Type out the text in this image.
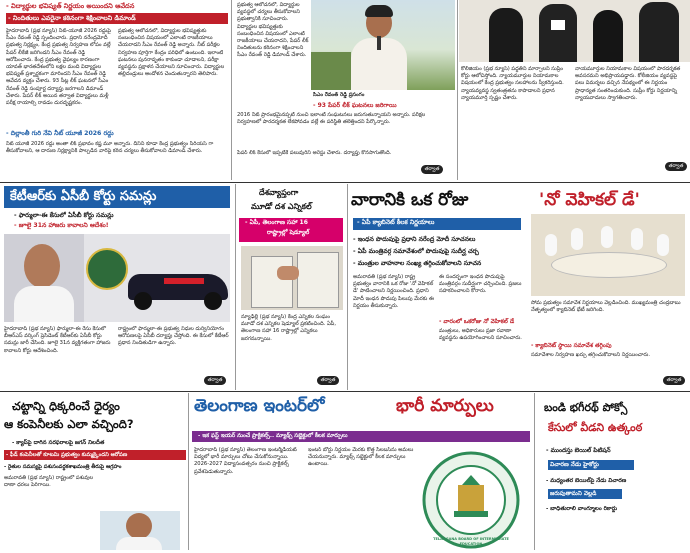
- విద్యార్థుల భవిష్యత్ నిర్ణయం అయిందని ఆవేదన
- నిందితులు ఎవరైనా కఠినంగా శిక్షించాలని డిమాండ్
హైదరాబాద్ (ప్రభ న్యూస్) నీట్-యూజీ 2026 రద్దుపై సీఎం రేవంత్ రెడ్డి స్పందించారు. ప్రధాని నరేంద్రమోదీ ప్రభుత్వ నిర్లక్ష్యం, కేంద్ర ప్రభుత్వ నిర్వహణ లోపం వల్లే పేపర్ లీకేజీ జరిగిందని సీఎం రేవంత్ రెడ్డి ఆరోపించారు. కేంద్ర ప్రభుత్వ వైఫల్యం కారణంగా యావత్ భారతదేశంలోని లక్షల మంది విద్యార్థుల భవిష్యత్ ప్రశ్నార్థకంగా మారిందని సీఎం రేవంత్ రెడ్డి ఆవేదన వ్యక్తం చేశారు. 93 సీట్ల లీక్ ఘటనలో సీఎం రేవంత్ రెడ్డి సంపూర్ణ దర్యాప్తు జరగాలని డిమాండ్ చేశారు. పేపర్ లీక్ అయిన తర్వాత విద్యార్థులు మళ్లీ పరీక్ష రాయాల్సి రావడం దురదృష్టకరం.
ప్రభుత్వ ఆలోచనలో, విద్యార్థుల భవిష్యత్తుకు సంబంధించిన విషయంలో ఎలాంటి రాజకీయాలు చేయరాదని సీఎం రేవంత్ రెడ్డి అన్నారు. నీట్ పరీక్షల నిర్వహణ పూర్తిగా కేంద్రం పరిధిలో ఉంటుంది. ఇలాంటి ఘటనలు పునరావృతం కాకుండా చూడాలని, పరీక్షా వ్యవస్థను ప్రక్షాళన చేయాలని సూచించారు. విద్యార్థుల తల్లిదండ్రులు ఆందోళన చెందుతున్నారని తెలిపారు.
- దిల్లాంతీ గురి నేవి నీట్ యూజీ 2026 రద్దు
నీట్ యూజీ 2026 రద్దు అంతా లీక్ ప్రభావం కష్ట మూ అన్నారు. దీనిని కూడా కేంద్ర ప్రభుత్వం సీరియస్ గా తీసుకోవాలని, ఆ దారుణ నిర్లక్ష్యానికి పాల్పడిన వారిపై కఠిన చర్యలు తీసుకోవాలని డిమాండ్ చేశారు.
ప్రభుత్వ ఆలోచనలో, విద్యార్థుల వ్యవస్థలో చర్యలు తీసుకోవాలని ప్రభుత్వానికి సూచించారు. విద్యార్థుల భవిష్యత్తుకు సంబంధించిన విషయంలో ఎలాంటి రాజకీయాలు చేయరాదని, పేపర్ లీక్ నిందితులను కఠినంగా శిక్షించాలని సీఎం రేవంత్ రెడ్డి డిమాండ్ చేశారు.
సీఎం రేవంత్ రెడ్డి ప్రసంగం
2016 నీట్ ప్రారంభమైనప్పటి నుంచి ఇలాంటి సంఘటనలు జరుగుతున్నాయని అన్నారు. పరీక్షల నిర్వహణలో పారదర్శకత లేకపోవడం వల్లే ఈ పరిస్థితి తలెత్తిందని పేర్కొన్నారు.
- 93 పేపర్ లీక్ ఘటనలు జరిగాయి
పేపర్ లీక్ కేసులో ఇప్పటికే పలువురిని అరెస్టు చేశారు. దర్యాప్తు కొనసాగుతోంది.
తర్వాత
కోలీజియం (ప్రభ న్యూస్) పద్ధతిని మార్చాలని సుప్రీం కోర్టు ఆలోచిస్తోంది. న్యాయమూర్తుల నియామకాల విషయంలో కేంద్ర ప్రభుత్వం సలహాలను స్వీకరిస్తుంది. న్యాయవ్యవస్థ స్వతంత్రతను కాపాడాలని ప్రధాన న్యాయమూర్తి స్పష్టం చేశారు.
నాయమూర్తుల నియామకాల విషయంలో పారదర్శకత అవసరమని అభిప్రాయపడ్డారు. కోలీజియం వ్యవస్థపై పలు విమర్శలు వచ్చిన నేపథ్యంలో ఈ నిర్ణయం ప్రాధాన్యత సంతరించుకుంది. సుప్రీం కోర్టు నిర్ణయాన్ని న్యాయవాదులు స్వాగతించారు.
తర్వాత
కేటీఆర్‌కు ఏసీబీ కోర్టు సమన్లు
- ఫార్ములా-ఈ కేసులో ఏసీబీ కోర్టు సమన్లు
- జూలై 31న హాజరు కావాలని ఆదేశం!
హైదరాబాద్ (ప్రభ న్యూస్) ఫార్ములా-ఈ రేసు కేసులో బీఆర్ఎస్ వర్కింగ్ ప్రెసిడెంట్ కేటీఆర్‌కు ఏసీబీ కోర్టు సమన్లు జారీ చేసింది. జూలై 31న వ్యక్తిగతంగా హాజరు కావాలని కోర్టు ఆదేశించింది.
రాష్ట్రంలో ఫార్ములా-ఈ ప్రభుత్వ నిధుల దుర్వినియోగం ఆరోపణలపై ఏసీబీ దర్యాప్తు చేస్తోంది. ఈ కేసులో కేటీఆర్ ప్రధాన నిందితుడిగా ఉన్నారు.
తర్వాత
దేశవ్యాప్తంగా
మూడో దశ ఎన్నికల్
- ఏపీ, తెలంగాణ సహా 16
రాష్ట్రాల్లో షెడ్యూల్
న్యూఢిల్లీ (ప్రభ న్యూస్) కేంద్ర ఎన్నికల సంఘం మూడో దశ ఎన్నికల షెడ్యూల్ ప్రకటించింది. ఏపీ, తెలంగాణ సహా 16 రాష్ట్రాల్లో ఎన్నికలు జరగనున్నాయి.
తర్వాత
వారానికి ఒక రోజు	'నో వెహికల్ డే'
- ఏపీ క్యాబినెట్ కీలక నిర్ణయాలు
- ఇంధన పొదుపుపై ప్రధాని నరేంద్ర మోదీ సూచనలు
- ఏపీ మంత్రివర్గ సమావేశంలో పొదుపుపై సుదీర్ఘ చర్చ
- మంత్రుల వాహనాల సంఖ్య తగ్గించుకోవాలని సూచన
అమరావతి (ప్రభ న్యూస్) రాష్ట్ర ప్రభుత్వం వారానికి ఒక రోజు 'నో వెహికల్ డే' పాటించాలని నిర్ణయించింది. ప్రధాని మోదీ ఇంధన పొదుపు పిలుపు మేరకు ఈ నిర్ణయం తీసుకున్నారు.
ఈ సందర్భంగా ఇంధన పొదుపుపై మంత్రివర్గం సుదీర్ఘంగా చర్చించింది. ప్రజలు సహకరించాలని కోరారు.
- వారంలో ఒకరోజు నో వెహికల్ డే
మంత్రులు, అధికారులు ప్రజా రవాణా వ్యవస్థను ఉపయోగించాలని సూచించారు.
సోమ ప్రభుత్వం సమావేశ నిర్ణయాలు వెల్లడించింది. ముఖ్యమంత్రి చంద్రబాబు నేతృత్వంలో క్యాబినెట్ భేటీ జరిగింది.
- క్యాబినెట్ స్థాయి సమావేశ తగ్గింపు
సమావేశాల నిర్వహణ ఖర్చు తగ్గించుకోవాలని నిర్ణయించారు.
తర్వాత
చట్టాన్ని ధిక్కరించే ధైర్యం
ఆ కంపెనీలకు ఎలా వచ్చింది?
- క్యాప్‌పై దాగిన సరఫరాలపై జగన్ నిలదీత
- ఫీడ్ కంపెనీలతో కూటమి ప్రభుత్వం కుమ్మక్కైందని ఆరోపణ
- రైతుల సమస్యపై పశుసంవర్థకశాఖమంత్రి తీరుపై ఆగ్రహం
అమరావతి (ప్రభ న్యూస్) రాష్ట్రంలో పశువుల దాణా ధరలు పెరిగాయి.
తెలంగాణ ఇంటర్‌లో	భారీ మార్పులు
- ఇక ఫస్ట్ ఇయర్ నుంచే ప్రాక్టికల్స్.. మ్యాథ్స్ సబ్జెక్టులో కీలక మార్పులు
హైదరాబాద్ (ప్రభ న్యూస్) తెలంగాణ ఇంటర్మీడియట్ విద్యలో భారీ మార్పులు చోటు చేసుకోనున్నాయి. 2026-2027 విద్యాసంవత్సరం నుంచి ప్రాక్టికల్స్ ప్రవేశపెడుతున్నారు.
ఇంటర్ బోర్డు నిర్ణయం మేరకు కొత్త సిలబస్‌ను అమలు చేయనున్నారు. మ్యాథ్స్ సబ్జెక్టులో కీలక మార్పులు ఉంటాయి.
TELANGANA BOARD OF INTERMEDIATE EDUCATION
బండి భగీరథ్ పోక్సో
కేసులో వీడని ఉత్కంఠ
- ముందస్తు బెయిల్ పిటిషన్
విచారణ నేడు హైకోర్టు
- మధ్యంతర బెయిల్‌పై నేడు విచారణ
జరుపుతామని వెల్లడి
- బాధితురాలి వాంగ్మూలం రికార్డు
